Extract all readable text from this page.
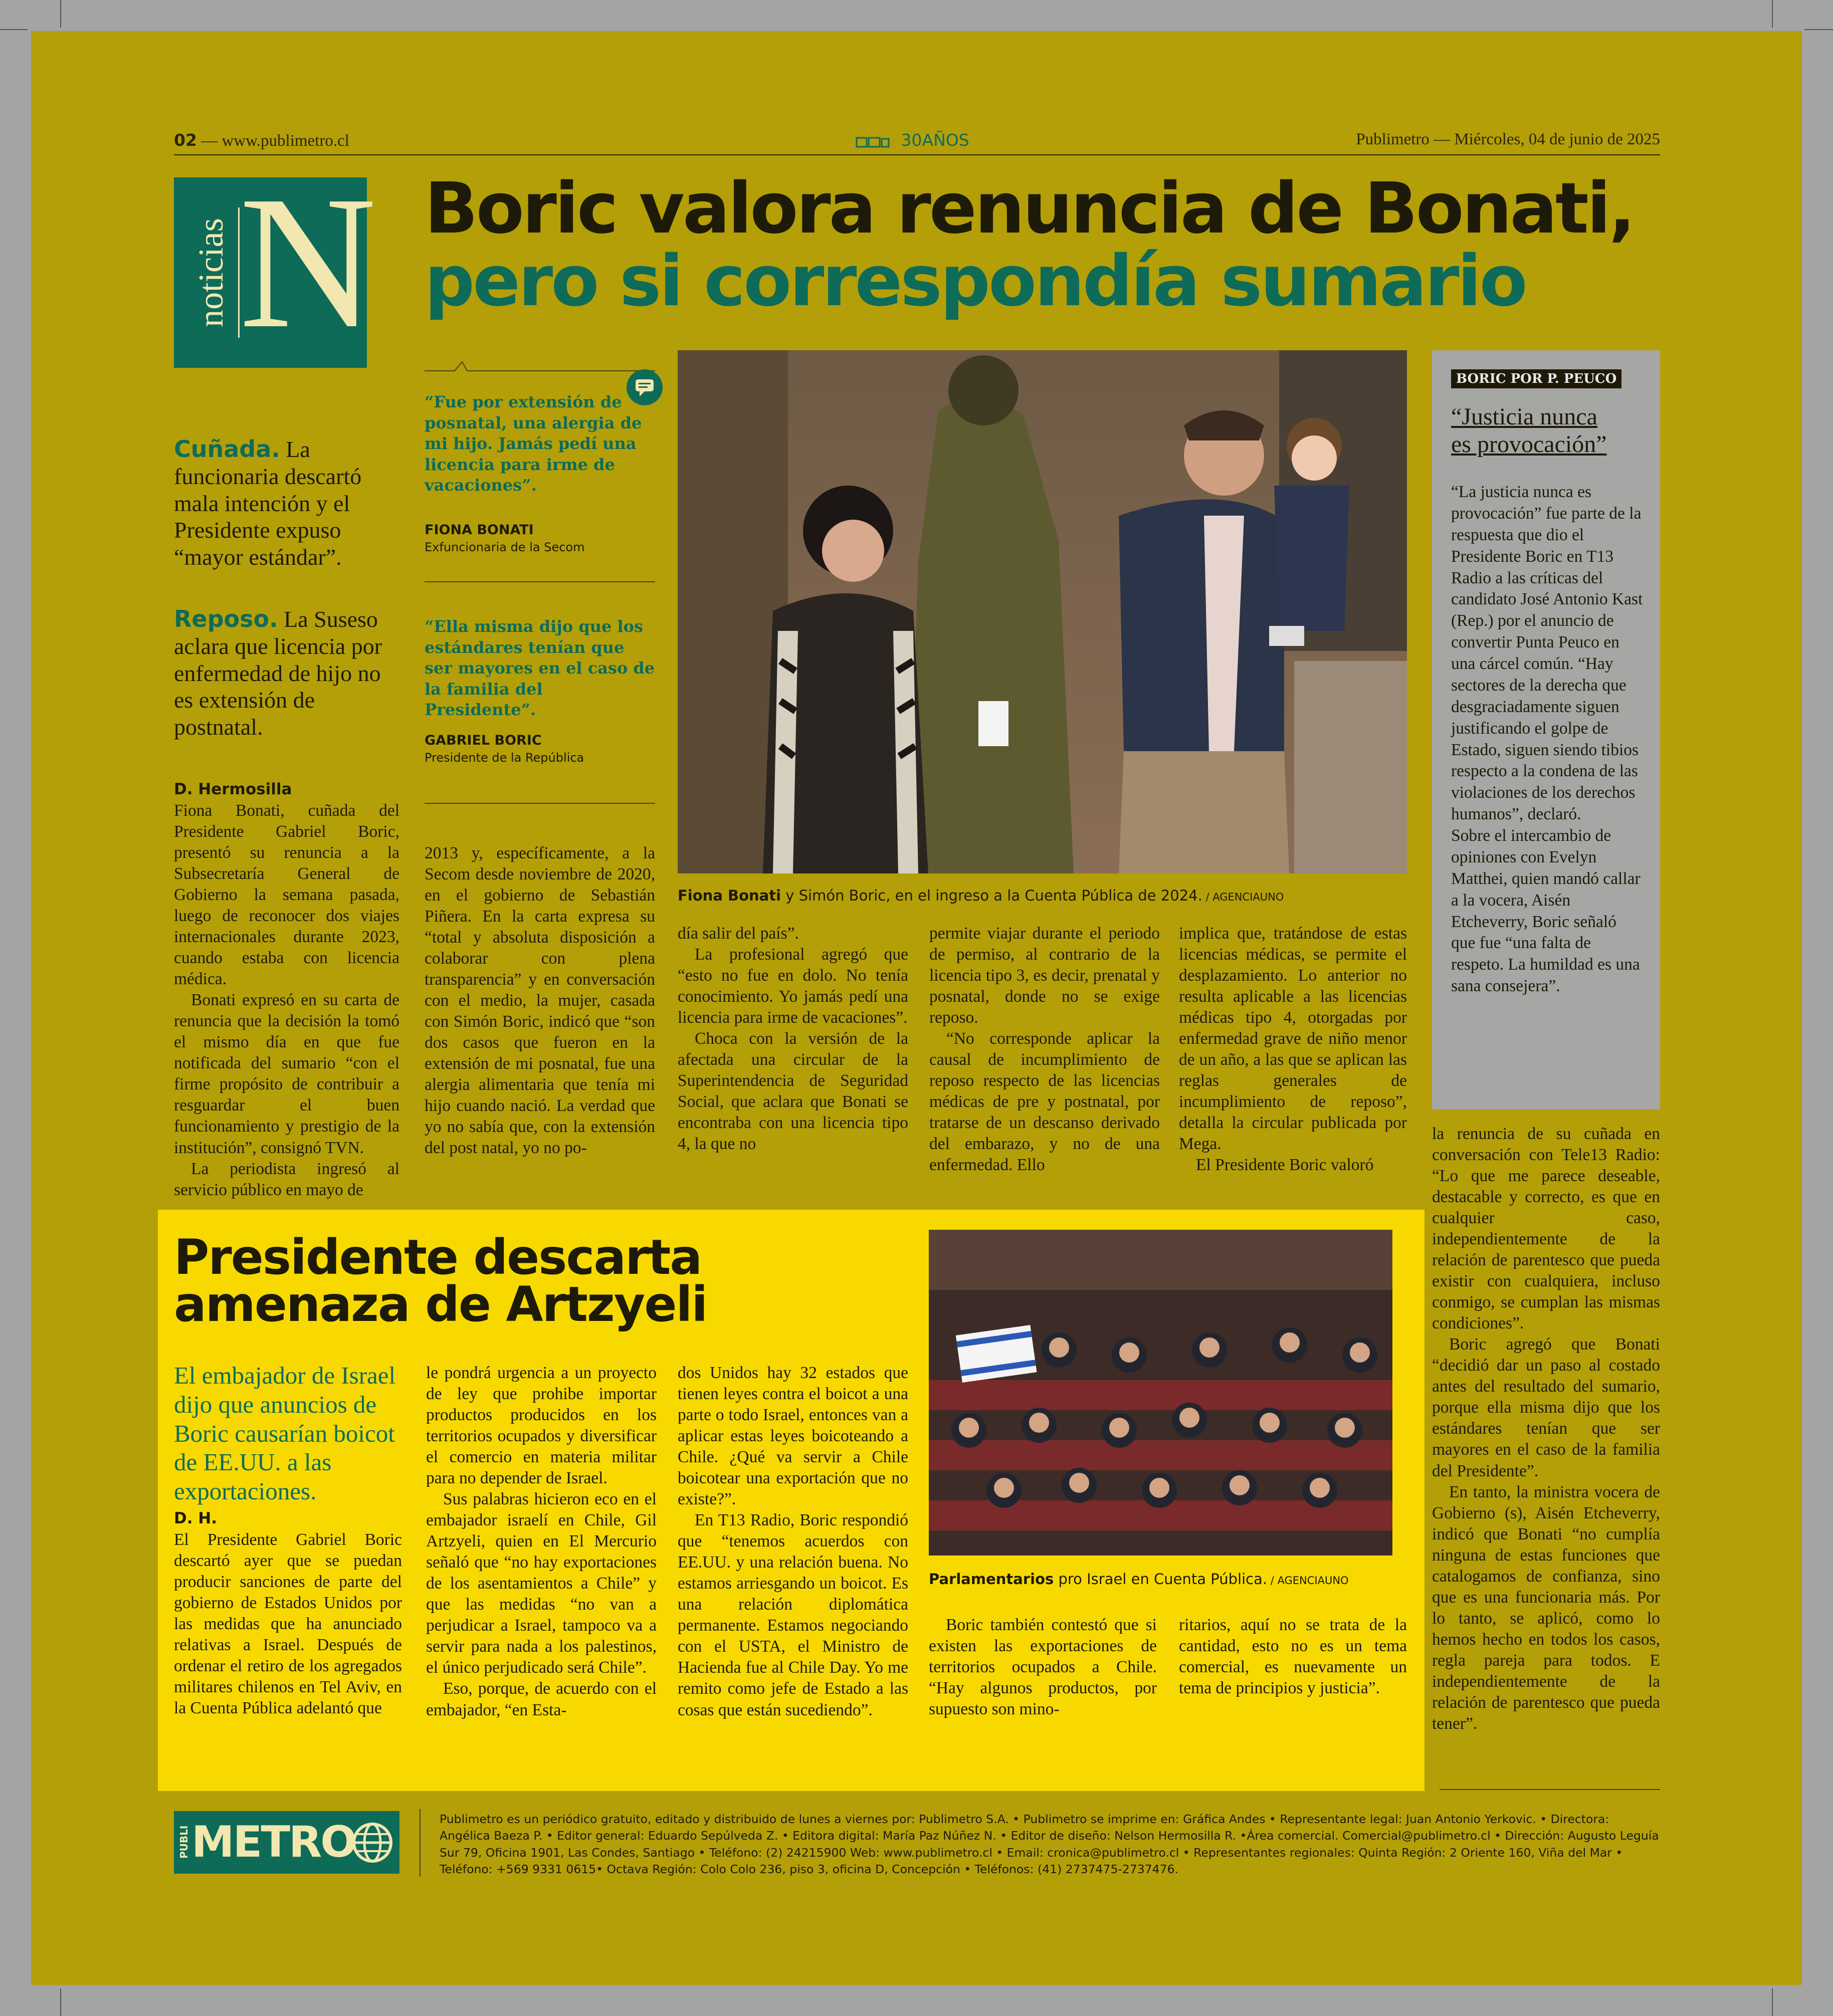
02 — www.publimetro.cl	30AÑOS	Publimetro — Miércoles, 04 de junio de 2025
noticias N Boric valora renuncia de Bonati,
pero si correspondía sumario
Cuñada. La funcionaria descartó mala intención y el Presidente expuso “mayor estándar”.
Reposo. La Suseso aclara que licencia por enfermedad de hijo no es extensión de postnatal.
“Fue por extensión de posnatal, una alergia de mi hijo. Jamás pedí una licencia para irme de vacaciones”.
FIONA BONATI
Exfuncionaria de la Secom
“Ella misma dijo que los estándares tenían que ser mayores en el caso de la familia del Presidente”.
GABRIEL BORIC
Presidente de la República
Fiona Bonati y Simón Boric, en el ingreso a la Cuenta Pública de 2024. / AGENCIAUNO
D. Hermosilla

Fiona Bonati, cuñada del Presidente Gabriel Boric, presentó su renuncia a la Subsecretaría General de Gobierno la semana pasada, luego de reconocer dos viajes internacionales durante 2023, cuando estaba con licencia médica.

Bonati expresó en su carta de renuncia que la decisión la tomó el mismo día en que fue notificada del sumario “con el firme propósito de contribuir a resguardar el buen funcionamiento y prestigio de la institución”, consignó TVN.

La periodista ingresó al servicio público en mayo de

2013 y, específicamente, a la Secom desde noviembre de 2020, en el gobierno de Sebastián Piñera. En la carta expresa su “total y absoluta disposición a colaborar con plena transparencia” y en conversación con el medio, la mujer, casada con Simón Boric, indicó que “son dos casos que fueron en la extensión de mi posnatal, fue una alergia alimentaria que tenía mi hijo cuando nació. La verdad que yo no sabía que, con la extensión del post natal, yo no po-

día salir del país”.

La profesional agregó que “esto no fue en dolo. No tenía conocimiento. Yo jamás pedí una licencia para irme de vacaciones”.

Choca con la versión de la afectada una circular de la Superintendencia de Seguridad Social, que aclara que Bonati se encontraba con una licencia tipo 4, la que no

permite viajar durante el periodo de permiso, al contrario de la licencia tipo 3, es decir, prenatal y posnatal, donde no se exige reposo.

“No corresponde aplicar la causal de incumplimiento de reposo respecto de las licencias médicas de pre y postnatal, por tratarse de un descanso derivado del embarazo, y no de una enfermedad. Ello

implica que, tratándose de estas licencias médicas, se permite el desplazamiento. Lo anterior no resulta aplicable a las licencias médicas tipo 4, otorgadas por enfermedad grave de niño menor de un año, a las que se aplican las reglas generales de incumplimiento de reposo”, detalla la circular publicada por Mega.

El Presidente Boric valoró

la renuncia de su cuñada en conversación con Tele13 Radio: “Lo que me parece deseable, destacable y correcto, es que en cualquier caso, independientemente de la relación de parentesco que pueda existir con cualquiera, incluso conmigo, se cumplan las mismas condiciones”.

Boric agregó que Bonati “decidió dar un paso al costado antes del resultado del sumario, porque ella misma dijo que los estándares tenían que ser mayores en el caso de la familia del Presidente”.

En tanto, la ministra vocera de Gobierno (s), Aisén Etcheverry, indicó que Bonati “no cumplía ninguna de estas funciones que catalogamos de confianza, sino que es una funcionaria más. Por lo tanto, se aplicó, como lo hemos hecho en todos los casos, regla pareja para todos. E independientemente de la relación de parentesco que pueda tener”.

BORIC POR P. PEUCO
“Justicia nunca
es provocación”
“La justicia nunca es provocación” fue parte de la respuesta que dio el Presidente Boric en T13 Radio a las críticas del candidato José Antonio Kast (Rep.) por el anuncio de convertir Punta Peuco en una cárcel común. “Hay sectores de la derecha que desgraciadamente siguen justificando el golpe de Estado, siguen siendo tibios respecto a la condena de las violaciones de los derechos humanos”, declaró.
Sobre el intercambio de opiniones con Evelyn Matthei, quien mandó callar a la vocera, Aisén Etcheverry, Boric señaló que fue “una falta de respeto. La humildad es una sana consejera”.
Presidente descarta
amenaza de Artzyeli
El embajador de Israel dijo que anuncios de Boric causarían boicot de EE.UU. a las exportaciones.
D. H.

El Presidente Gabriel Boric descartó ayer que se puedan producir sanciones de parte del gobierno de Estados Unidos por las medidas que ha anunciado relativas a Israel. Después de ordenar el retiro de los agregados militares chilenos en Tel Aviv, en la Cuenta Pública adelantó que

le pondrá urgencia a un proyecto de ley que prohibe importar productos producidos en los territorios ocupados y diversificar el comercio en materia militar para no depender de Israel.

Sus palabras hicieron eco en el embajador israelí en Chile, Gil Artzyeli, quien en El Mercurio señaló que “no hay exportaciones de los asentamientos a Chile” y que las medidas “no van a perjudicar a Israel, tampoco va a servir para nada a los palestinos, el único perjudicado será Chile”.

Eso, porque, de acuerdo con el embajador, “en Esta-

dos Unidos hay 32 estados que tienen leyes contra el boicot a una parte o todo Israel, entonces van a aplicar estas leyes boicoteando a Chile. ¿Qué va servir a Chile boicotear una exportación que no existe?”.

En T13 Radio, Boric respondió que “tenemos acuerdos con EE.UU. y una relación buena. No estamos arriesgando un boicot. Es una relación diplomática permanente. Estamos negociando con el USTA, el Ministro de Hacienda fue al Chile Day. Yo me remito como jefe de Estado a las cosas que están sucediendo”.

Parlamentarios pro Israel en Cuenta Pública. / AGENCIAUNO

Boric también contestó que si existen las exportaciones de territorios ocupados a Chile. “Hay algunos productos, por supuesto son mino-

ritarios, aquí no se trata de la cantidad, esto no es un tema comercial, es nuevamente un tema de principios y justicia”.

PUBLI METRO	Publimetro es un periódico gratuito, editado y distribuido de lunes a viernes por: Publimetro S.A. • Publimetro se imprime en: Gráfica Andes • Representante legal: Juan Antonio Yerkovic. • Directora: Angélica Baeza P. • Editor general: Eduardo Sepúlveda Z. • Editora digital: María Paz Núñez N. • Editor de diseño: Nelson Hermosilla R. •Área comercial. Comercial@publimetro.cl • Dirección: Augusto Leguía Sur 79, Oficina 1901, Las Condes, Santiago • Teléfono: (2) 24215900 Web: www.publimetro.cl • Email: cronica@publimetro.cl • Representantes regionales: Quinta Región: 2 Oriente 160, Viña del Mar • Teléfono: +569 9331 0615• Octava Región: Colo Colo 236, piso 3, oficina D, Concepción • Teléfonos: (41) 2737475-2737476.
